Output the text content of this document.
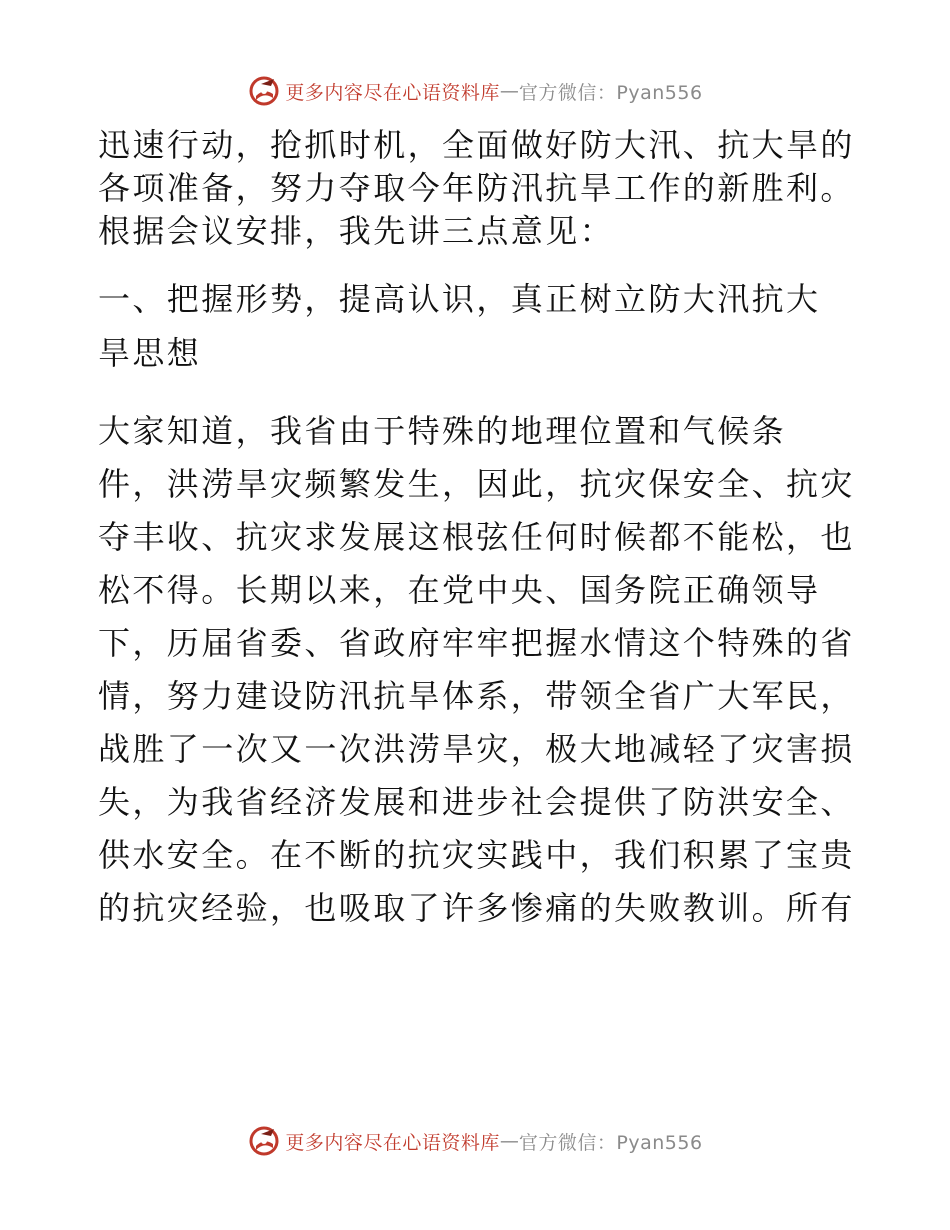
更多内容尽在心语资料库 — 官方微信：Pyan556
迅速行动，抢抓时机，全面做好防大汛、抗大旱的
各项准备，努力夺取今年防汛抗旱工作的新胜利。
根据会议安排，我先讲三点意见：
一、把握形势，提高认识，真正树立防大汛抗大
旱思想
大家知道，我省由于特殊的地理位置和气候条
件，洪涝旱灾频繁发生，因此，抗灾保安全、抗灾
夺丰收、抗灾求发展这根弦任何时候都不能松，也
松不得。长期以来，在党中央、国务院正确领导
下，历届省委、省政府牢牢把握水情这个特殊的省
情，努力建设防汛抗旱体系，带领全省广大军民，
战胜了一次又一次洪涝旱灾，极大地减轻了灾害损
失，为我省经济发展和进步社会提供了防洪安全、
供水安全。在不断的抗灾实践中，我们积累了宝贵
的抗灾经验，也吸取了许多惨痛的失败教训。所有
更多内容尽在心语资料库 — 官方微信：Pyan556
